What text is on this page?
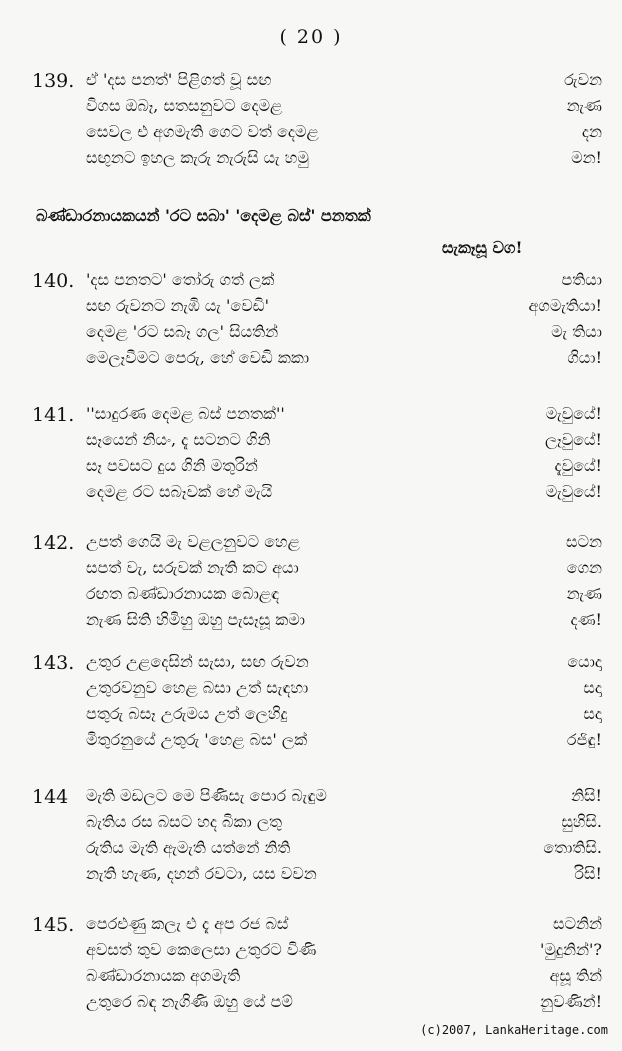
( 20 )
139. ඒ 'දස පනත්' පිළිගත් වූ සඟ	රුවන
විගස ඔබෑ, සතසනුවට දෙමළ	නැණ
සෙවල එ අගමැති ගෙට වත් දෙමළ	දන
සඟුනට ඉහල කැරු නැරුසි යැ හමු	මන!
බණ්ඩාරනායකයන් 'රට සබා' 'දෙමළ බස්' පනතක්
සැකෑසූ වග!
140. 'දස පනතට' තෝරු ගත් ලක්	පතියා
සඟ රුවනට නැඹි යැ 'වෙඩි'	අගමැතියා!
දෙමළ 'රට සබෑ ගල' සියතින්	මැ තියා
මෙලෑවීමට පෙරු, හේ වෙඩි කකා	ගියා!
141. ''සාදුරණ දෙමළ බස් පනතක්''	මැවුයේ!
සෑයෙන් නියං, දැ සටනට ගිනි	ලෑවුයේ!
සෑ පවසට දුය ගිනි මතුරින්	දැවුයේ!
දෙමළ රට සබෑවක් හේ මැයි	මැවුයේ!
142. උපත් ගෙයි මැ වළලනුවට හෙළ	සටන
සපත් වැ, සරුවක් නැති කට අයා	ගෙන
රඟත බණ්ඩාරනායක බොළඳ	නැණ
නැණ සිති හිමිහු ඔහු පැසෑසූ කමා	දණ!
143. උතුර උළදෙසින් සැසා, සඟ රුවන	යොදා
උතුරවනුව හෙළ බසා උත් සැඳහා	සදා
පතුරු බසෑ උරුමය උත් ලෙහිදු	සදා
මිතුරනුයේ උතුරු 'හෙළ බස' ලක්	රජිඳු!
144 මැති මඩලට මෙ පිණිසැ පොර බැඳුම	නිසි!
බැතිය රස බසට හද බිකා ලතු	සුහිසි.
රුතිය මැති ඇමැති යත්නේ නිති	තොතිසි.
නැති හැණ, දහන් රවටා, යස වවන	රිසි!
145. පෙරළුණු කලැ එ දැ අප රජ බස්	සටනින්
අවසත් තුව කෙලෙසා උතුරට විණි	'මුදුනින්'?
බණ්ඩාරනායක අගමැති	අසූ තින්
උතුරෙ බඳ නැගිණි ඔහු යේ පම්	නුවණින්!
(c)2007, LankaHeritage.com
